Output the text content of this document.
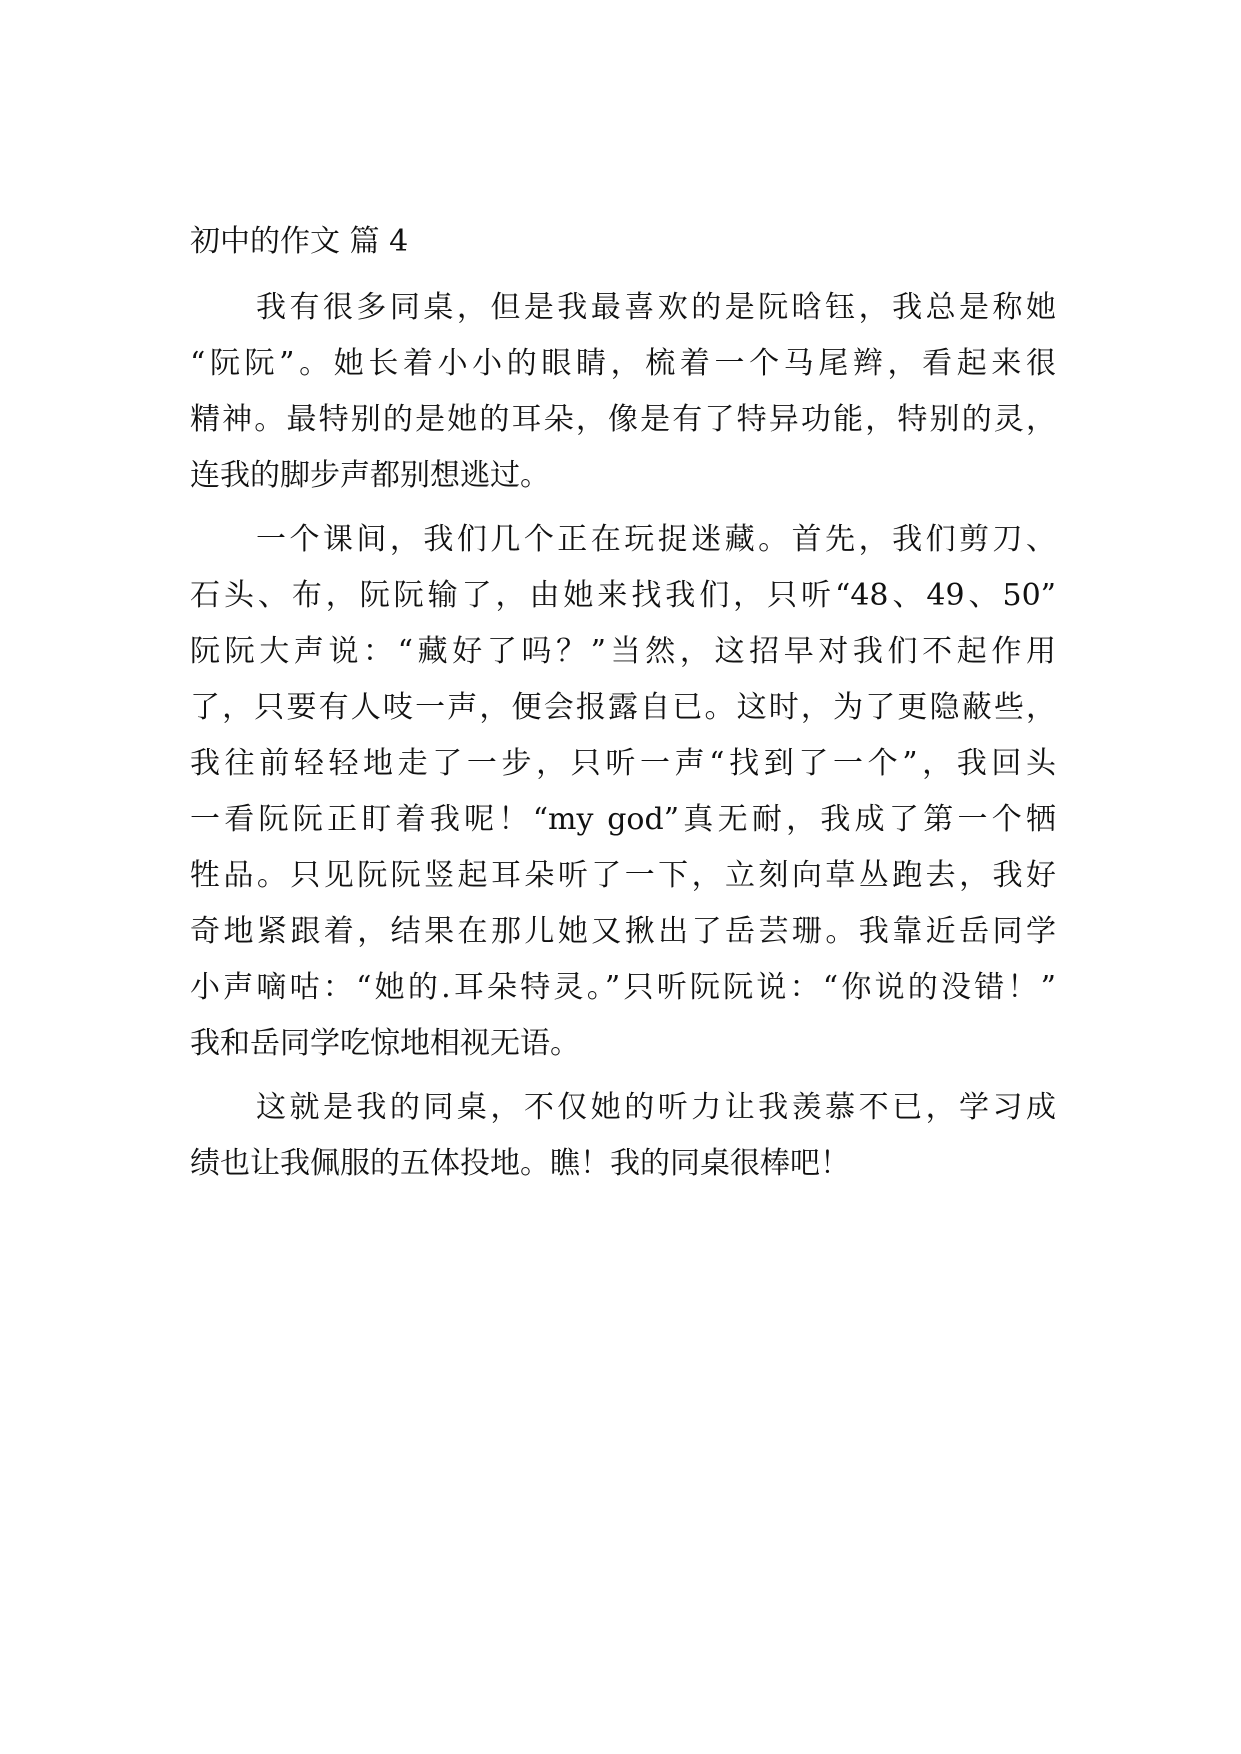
初中的作文 篇 4
我有很多同桌，但是我最喜欢的是阮晗钰，我总是称她
“阮阮”。她长着小小的眼睛，梳着一个马尾辫，看起来很
精神。最特别的是她的耳朵，像是有了特异功能，特别的灵，
连我的脚步声都别想逃过。
一个课间，我们几个正在玩捉迷藏。首先，我们剪刀、
石头、布，阮阮输了，由她来找我们，只听“48、49、50”
阮阮大声说：“藏好了吗？”当然，这招早对我们不起作用
了，只要有人吱一声，便会报露自已。这时，为了更隐蔽些，
我往前轻轻地走了一步，只听一声“找到了一个”，我回头
一看阮阮正盯着我呢！“my god”真无耐，我成了第一个牺
牲品。只见阮阮竖起耳朵听了一下，立刻向草丛跑去，我好
奇地紧跟着，结果在那儿她又揪出了岳芸珊。我靠近岳同学
小声嘀咕：“她的.耳朵特灵。”只听阮阮说：“你说的没错！”
我和岳同学吃惊地相视无语。
这就是我的同桌，不仅她的听力让我羡慕不已，学习成
绩也让我佩服的五体投地。瞧！我的同桌很棒吧！
